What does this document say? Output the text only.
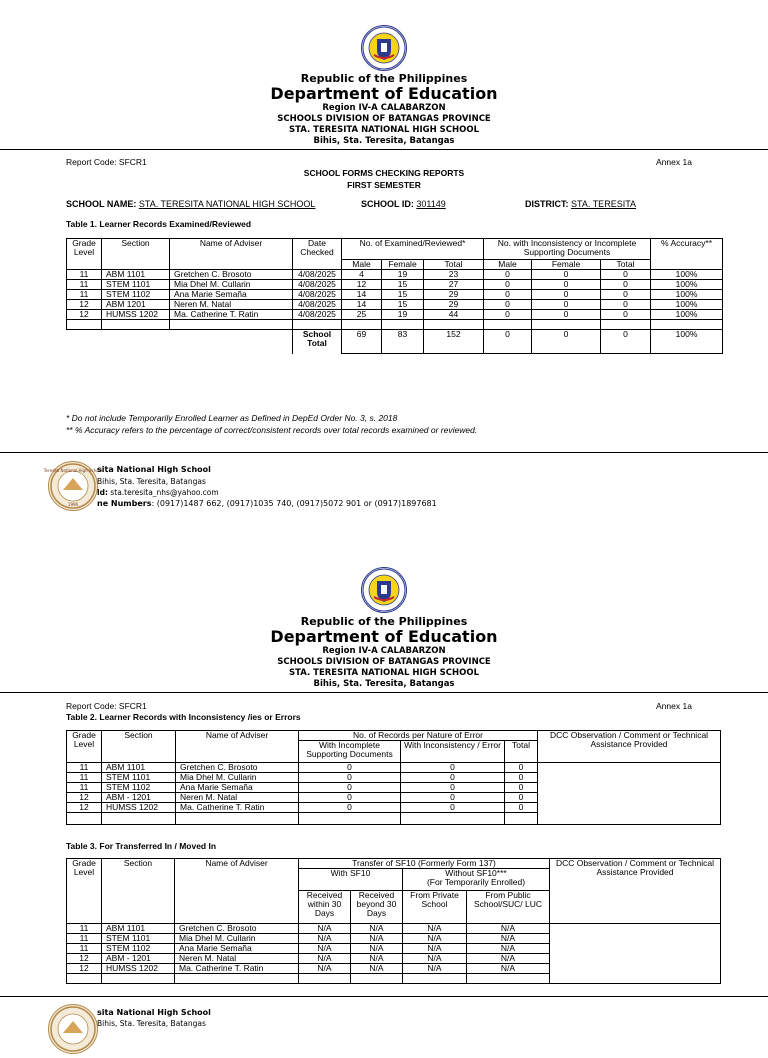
Republic of the Philippines
Department of Education
Region IV-A CALABARZON
SCHOOLS DIVISION OF BATANGAS PROVINCE
STA. TERESITA NATIONAL HIGH SCHOOL
Bihis, Sta. Teresita, Batangas
Report Code: SFCR1	Annex 1a
SCHOOL FORMS CHECKING REPORTS
FIRST SEMESTER
SCHOOL NAME: STA. TERESITA NATIONAL HIGH SCHOOL	SCHOOL ID: 301149	DISTRICT: STA. TERESITA
Table 1. Learner Records Examined/Reviewed
Grade Level	Section	Name of Adviser	Date Checked	No. of Examined/Reviewed*			No. with Inconsistency or Incomplete Supporting Documents			% Accuracy**
				Male	Female	Total	Male	Female	Total	
11	ABM 1101	Gretchen C. Brosoto	4/08/2025	4	19	23	0	0	0	100%
11	STEM 1101	Mia Dhel M. Cullarin	4/08/2025	12	15	27	0	0	0	100%
11	STEM 1102	Ana Marie Semaña	4/08/2025	14	15	29	0	0	0	100%
12	ABM 1201	Neren M. Natal	4/08/2025	14	15	29	0	0	0	100%
12	HUMSS 1202	Ma. Catherine T. Ratin	4/08/2025	25	19	44	0	0	0	100%

			School Total	69	83	152	0	0	0	100%
* Do not include Temporarily Enrolled Learner as Defined in DepEd Order No. 3, s. 2018
** % Accuracy refers to the percentage of correct/consistent records over total records examined or reviewed.
Teresita National High School
1996
sita National High School
Bihis, Sta. Teresita, Batangas
ld: sta.teresita_nhs@yahoo.com
ne Numbers: (0917)1487 662, (0917)1035 740, (0917)5072 901 or (0917)1897681
Republic of the Philippines
Department of Education
Region IV-A CALABARZON
SCHOOLS DIVISION OF BATANGAS PROVINCE
STA. TERESITA NATIONAL HIGH SCHOOL
Bihis, Sta. Teresita, Batangas
Report Code: SFCR1	Annex 1a
Table 2. Learner Records with Inconsistency /ies or Errors
Grade Level	Section	Name of Adviser	No. of Records per Nature of Error			DCC Observation / Comment or Technical Assistance Provided
			With Incomplete Supporting Documents	With Inconsistency / Error	Total	
11	ABM 1101	Gretchen C. Brosoto	0	0	0	
11	STEM 1101	Mia Dhel M. Cullarin	0	0	0	
11	STEM 1102	Ana Marie Semaña	0	0	0	
12	ABM - 1201	Neren M. Natal	0	0	0	
12	HUMSS 1202	Ma. Catherine T. Ratin	0	0	0	

Table 3. For Transferred In / Moved In
Grade Level	Section	Name of Adviser	Transfer of SF10 (Formerly Form 137)				DCC Observation / Comment or Technical Assistance Provided
			With SF10		Without SF10***
(For Temporarily Enrolled)		

			Received within 30 Days	Received beyond 30 Days	From Private School	From Public School/SUC/ LUC	
11	ABM 1101	Gretchen C. Brosoto	N/A	N/A	N/A	N/A	
11	STEM 1101	Mia Dhel M. Cullarin	N/A	N/A	N/A	N/A	
11	STEM 1102	Ana Marie Semaña	N/A	N/A	N/A	N/A	
12	ABM - 1201	Neren M. Natal	N/A	N/A	N/A	N/A	
12	HUMSS 1202	Ma. Catherine T. Ratin	N/A	N/A	N/A	N/A	

sita National High School
Bihis, Sta. Teresita, Batangas
